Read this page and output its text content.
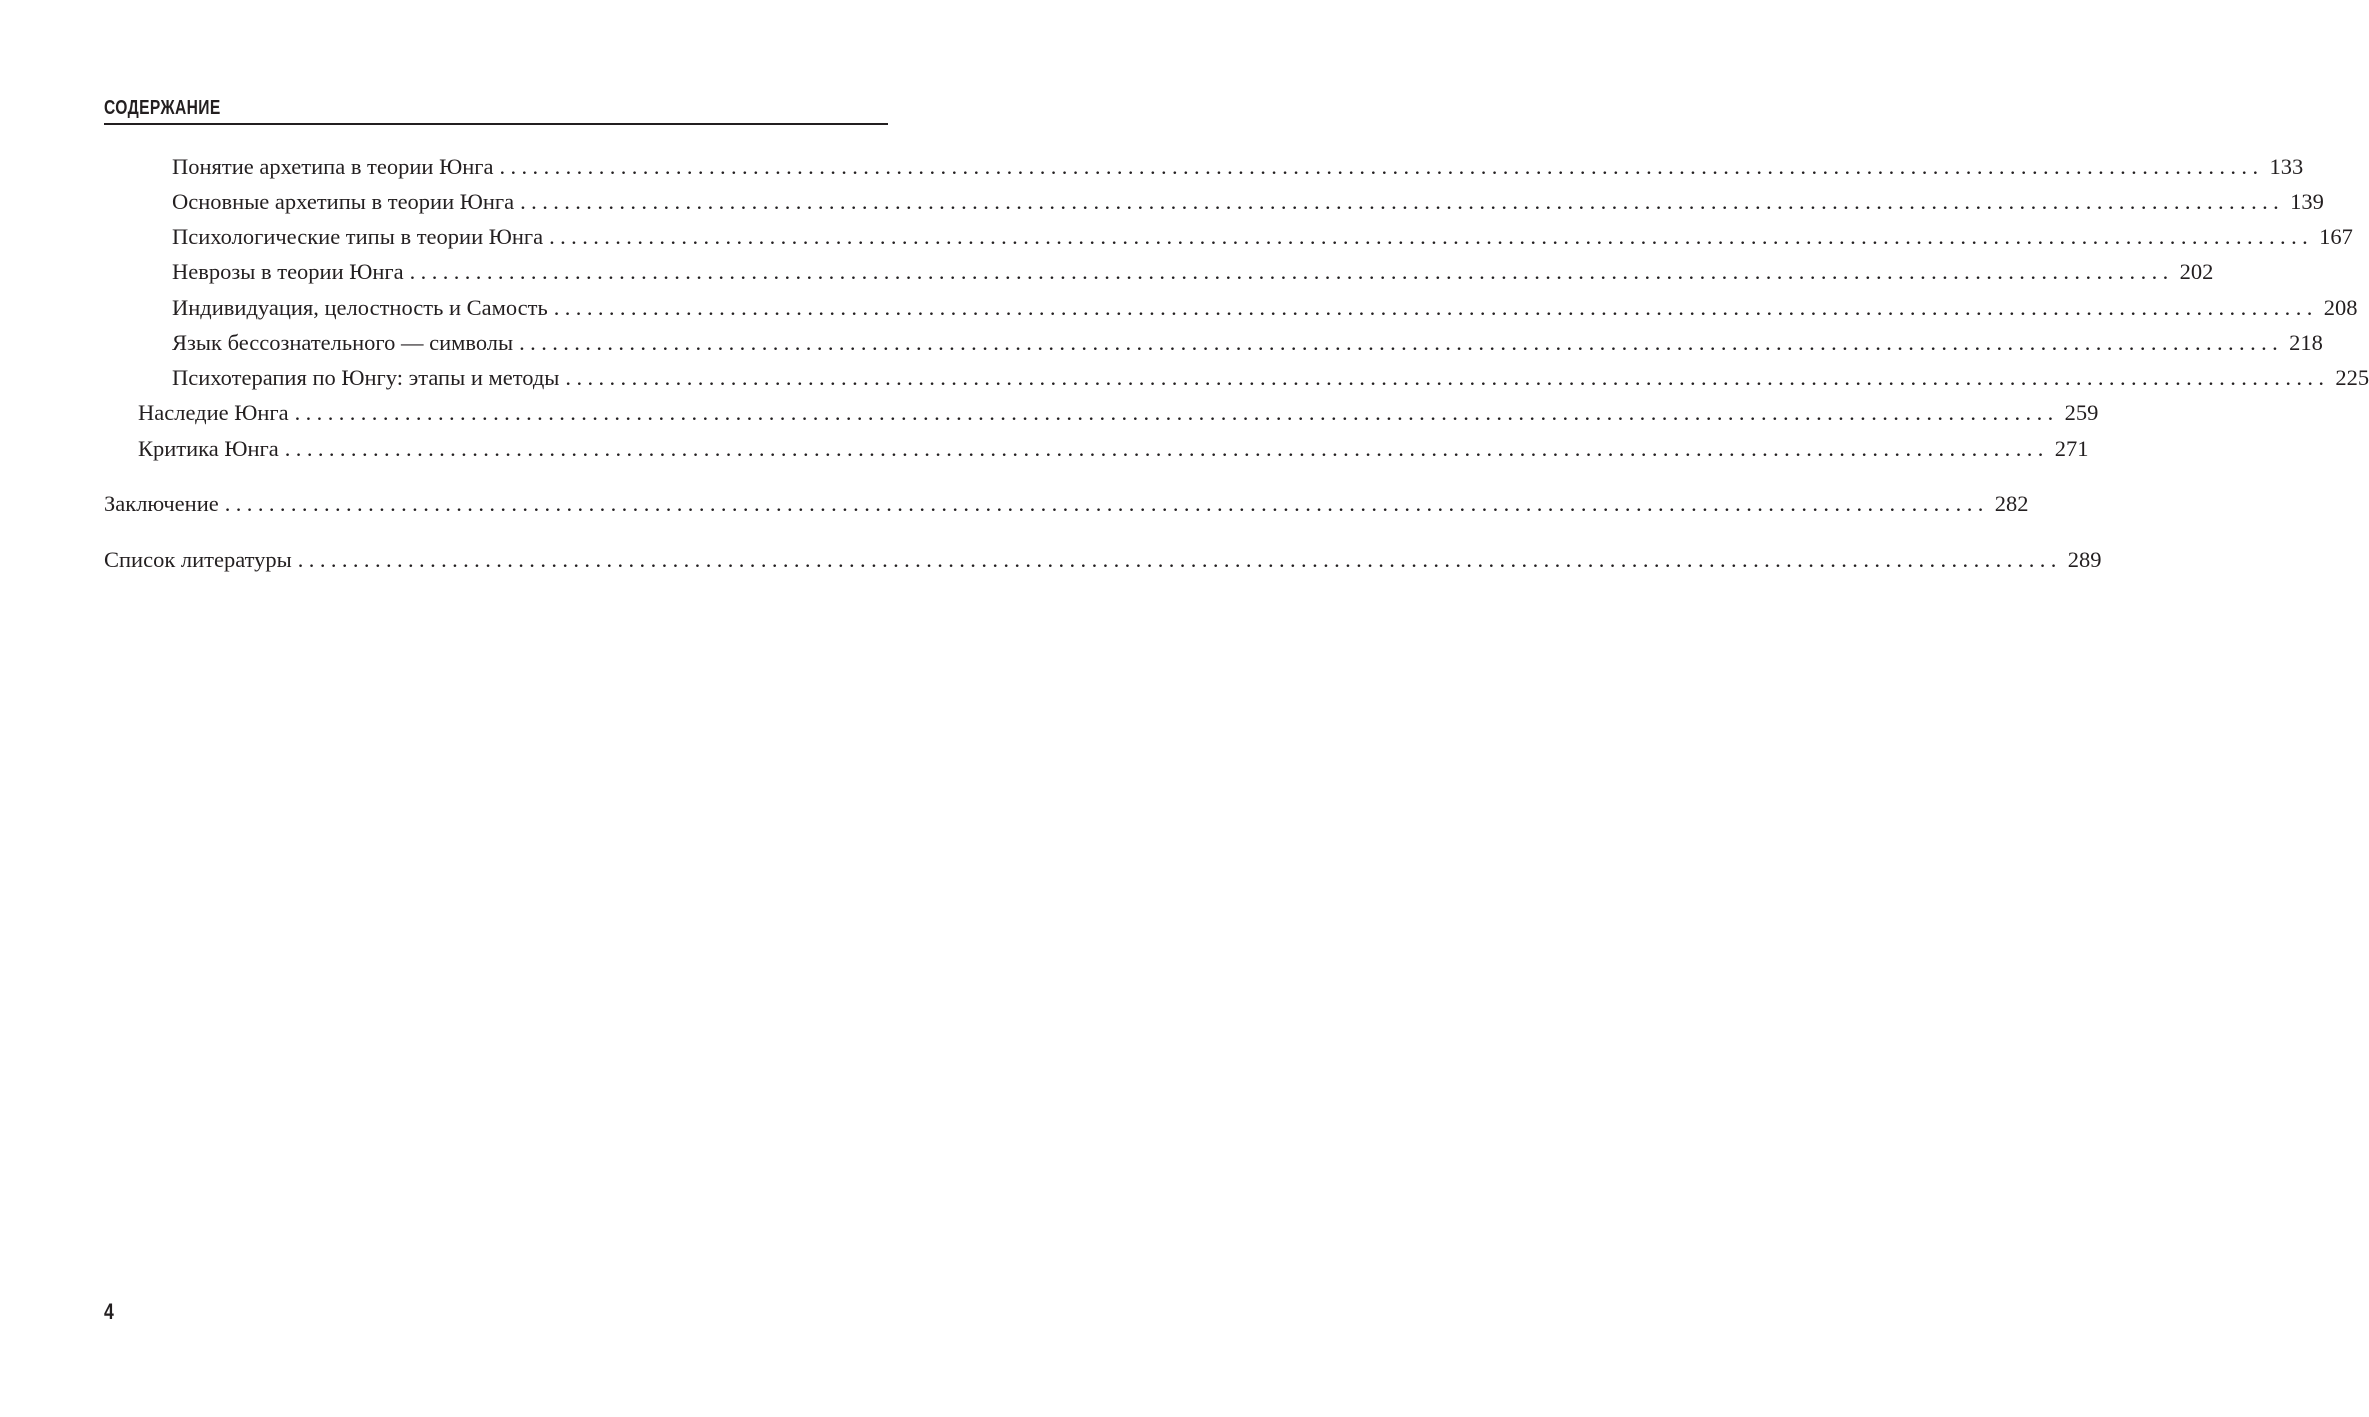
СОДЕРЖАНИЕ
Понятие архетипа в теории Юнга ................................................................................................................................................................ 133
Основные архетипы в теории Юнга ................................................................................................................................................................ 139
Психологические типы в теории Юнга ................................................................................................................................................................ 167
Неврозы в теории Юнга ................................................................................................................................................................ 202
Индивидуация, целостность и Самость ................................................................................................................................................................ 208
Язык бессознательного — символы ................................................................................................................................................................ 218
Психотерапия по Юнгу: этапы и методы ................................................................................................................................................................ 225
Наследие Юнга ................................................................................................................................................................ 259
Критика Юнга ................................................................................................................................................................ 271
Заключение ................................................................................................................................................................ 282
Список литературы ................................................................................................................................................................ 289
4
